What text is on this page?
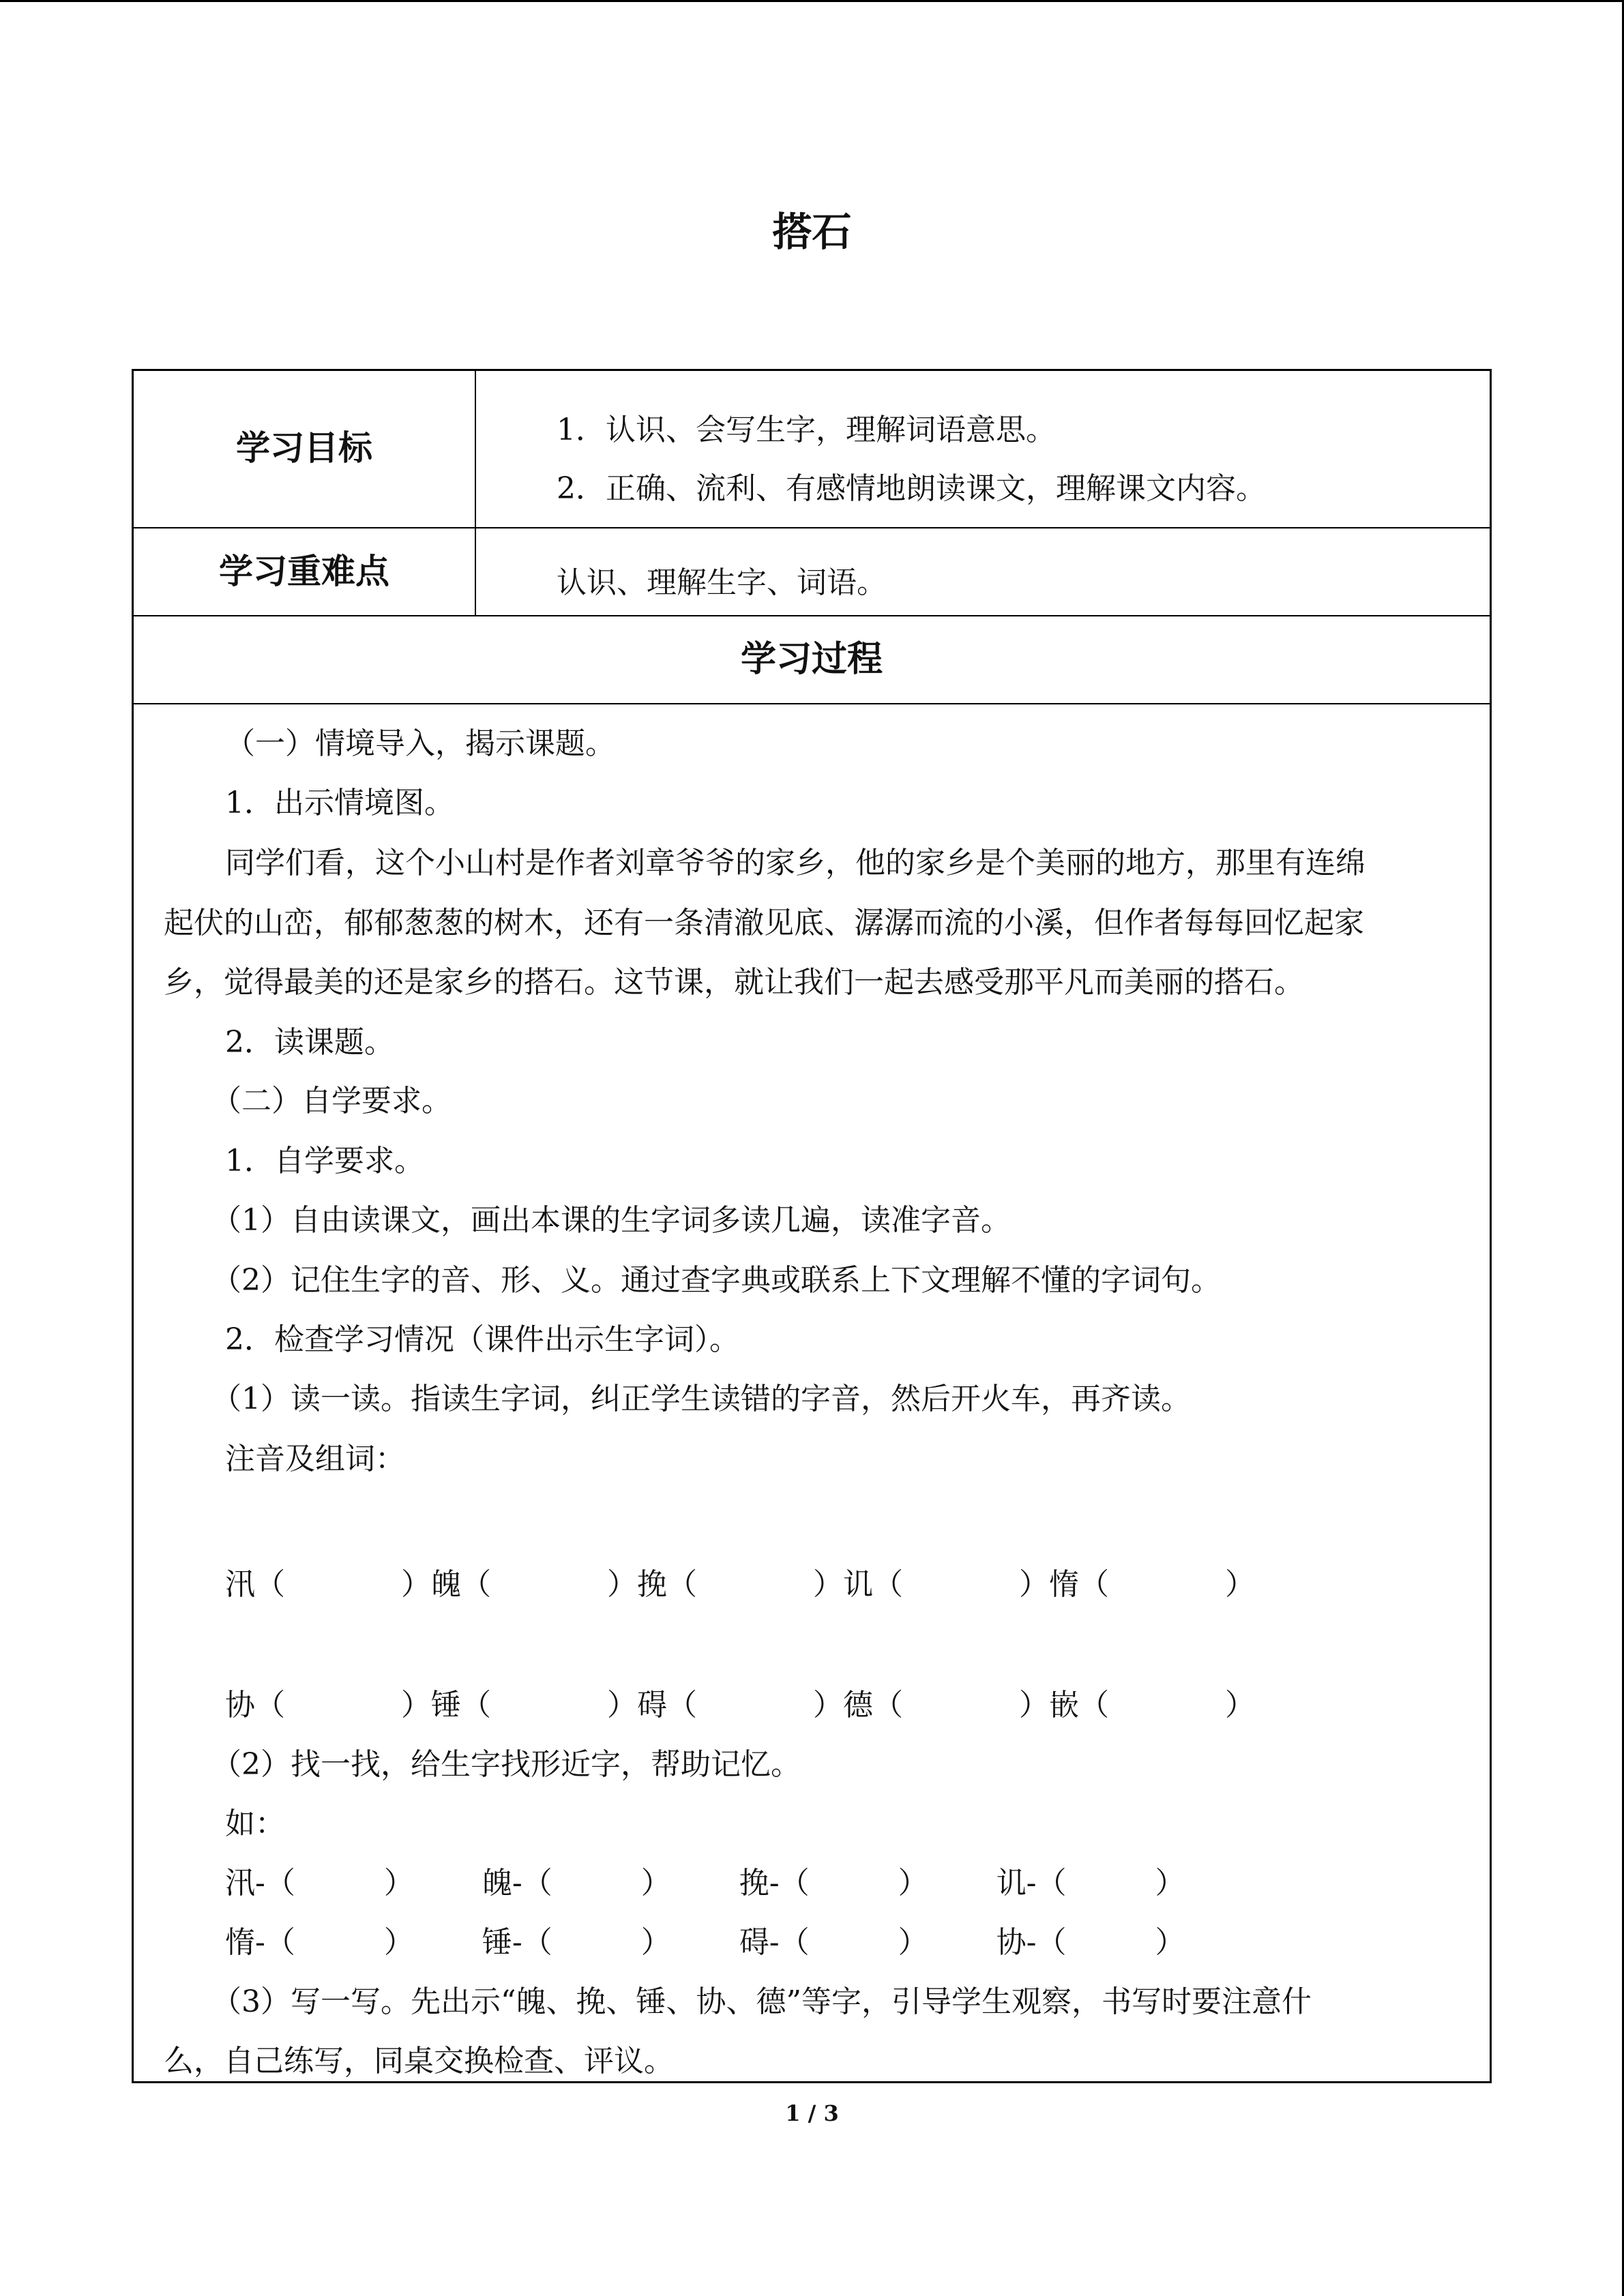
搭石
学习目标	1．认识、会写生字，理解词语意思。
2．正确、流利、有感情地朗读课文，理解课文内容。
学习重难点	认识、理解生字、词语。
学习过程
（一）情境导入，揭示课题。
1．出示情境图。
同学们看，这个小山村是作者刘章爷爷的家乡，他的家乡是个美丽的地方，那里有连绵
起伏的山峦，郁郁葱葱的树木，还有一条清澈见底、潺潺而流的小溪，但作者每每回忆起家
乡，觉得最美的还是家乡的搭石。这节课，就让我们一起去感受那平凡而美丽的搭石。
2．读课题。
（二）自学要求。
1．自学要求。
（1）自由读课文，画出本课的生字词多读几遍，读准字音。
（2）记住生字的音、形、义。通过查字典或联系上下文理解不懂的字词句。
2．检查学习情况（课件出示生字词）。
（1）读一读。指读生字词，纠正学生读错的字音，然后开火车，再齐读。
注音及组词：
汛（	）魄（	）挽（	）讥（	）惰（	）
协（	）锤（	）碍（	）德（	）嵌（	）
（2）找一找，给生字找形近字，帮助记忆。
如：
汛-（	） 魄-（	） 挽-（	） 讥-（	）
惰-（	） 锤-（	） 碍-（	） 协-（	）
（3）写一写。先出示“魄、挽、锤、协、德”等字，引导学生观察，书写时要注意什
么，自己练写，同桌交换检查、评议。
1 / 3
